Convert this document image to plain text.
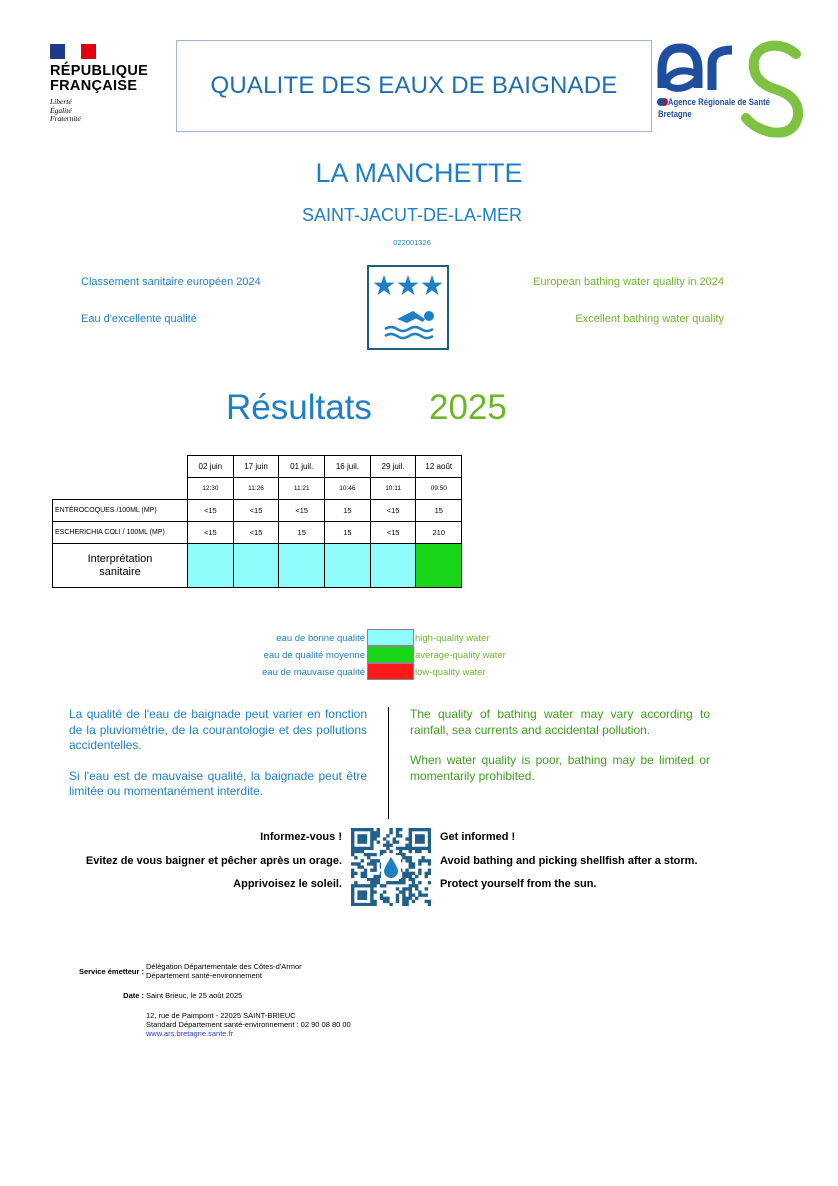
RÉPUBLIQUE
FRANÇAISE
Liberté
Égalité
Fraternité
QUALITE DES EAUX DE BAIGNADE
Agence Régionale de Santé
Bretagne
LA MANCHETTE
SAINT-JACUT-DE-LA-MER
022001326
Classement sanitaire européen 2024
Eau d'excellente qualité
European bathing water quality in 2024
Excellent bathing water quality
Résultats 2025
	02 juin	17 juin	01 juil.	16 juil.	29 juil.	12 août
	12:30	11:26	11:21	10:46	10:11	09:50
ENTÉROCOQUES /100ML (MP)	<15	<15	<15	15	<15	15
ESCHERICHIA COLI / 100ML (MP)	<15	<15	15	15	<15	210

Interprétation
sanitaire						

eau de bonne qualité	high-quality water
eau de qualité moyenne	average-quality water
eau de mauvaise qualité	low-quality water

La qualité de l'eau de baignade peut varier en fonction de la pluviométrie, de la courantologie et des pollutions accidentelles.

Si l'eau est de mauvaise qualité, la baignade peut être limitée ou momentanément interdite.

The quality of bathing water may vary according to rainfall, sea currents and accidental pollution.

When water quality is poor, bathing may be limited or momentarily prohibited.

Informez-vous !
Evitez de vous baigner et pêcher après un orage.
Apprivoisez le soleil.
Get informed !
Avoid bathing and picking shellfish after a storm.
Protect yourself from the sun.
Service émetteur :
Délégation Départementale des Côtes-d'Armor
Département santé-environnement
Date : Saint Brieuc, le 25 août 2025
12, rue de Paimpont - 22025 SAINT-BRIEUC
Standard Département santé-environnement : 02 90 08 80 00
www.ars.bretagne.sante.fr
